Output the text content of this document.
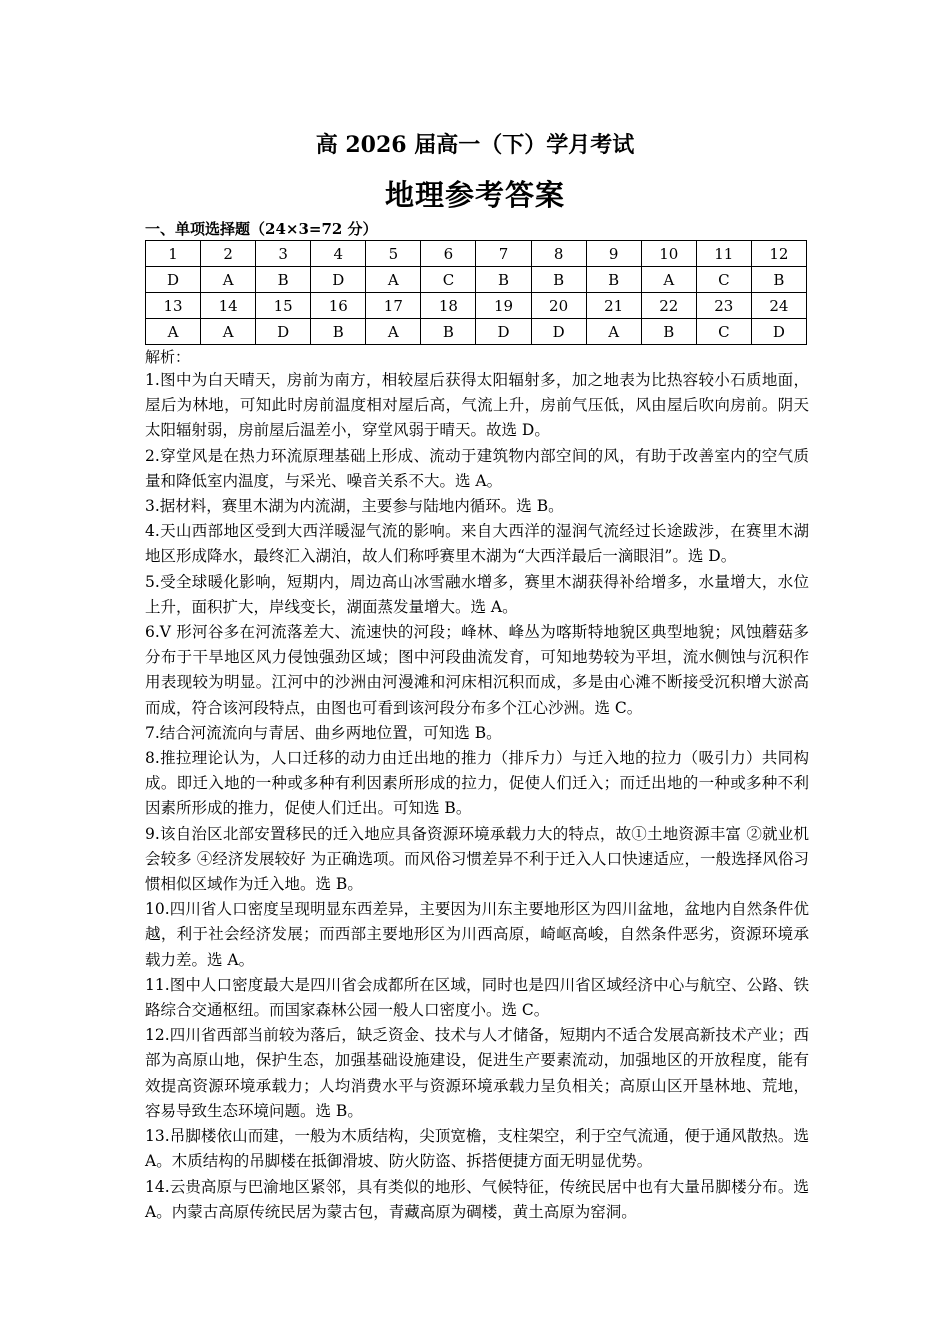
高 2026 届高一（下）学月考试
地理参考答案
一、单项选择题（24×3=72 分）
1	2	3	4	5	6	7	8	9	10	11	12
D	A	B	D	A	C	B	B	B	A	C	B
13	14	15	16	17	18	19	20	21	22	23	24
A	A	D	B	A	B	D	D	A	B	C	D
解析：

1.图中为白天晴天，房前为南方，相较屋后获得太阳辐射多，加之地表为比热容较小石质地面，屋后为林地，可知此时房前温度相对屋后高，气流上升，房前气压低，风由屋后吹向房前。阴天太阳辐射弱，房前屋后温差小，穿堂风弱于晴天。故选 D。

2.穿堂风是在热力环流原理基础上形成、流动于建筑物内部空间的风，有助于改善室内的空气质量和降低室内温度，与采光、噪音关系不大。选 A。

3.据材料，赛里木湖为内流湖，主要参与陆地内循环。选 B。

4.天山西部地区受到大西洋暖湿气流的影响。来自大西洋的湿润气流经过长途跋涉，在赛里木湖地区形成降水，最终汇入湖泊，故人们称呼赛里木湖为“大西洋最后一滴眼泪”。选 D。

5.受全球暖化影响，短期内，周边高山冰雪融水增多，赛里木湖获得补给增多，水量增大，水位上升，面积扩大，岸线变长，湖面蒸发量增大。选 A。

6.V 形河谷多在河流落差大、流速快的河段；峰林、峰丛为喀斯特地貌区典型地貌；风蚀蘑菇多分布于干旱地区风力侵蚀强劲区域；图中河段曲流发育，可知地势较为平坦，流水侧蚀与沉积作用表现较为明显。江河中的沙洲由河漫滩和河床相沉积而成，多是由心滩不断接受沉积增大淤高而成，符合该河段特点，由图也可看到该河段分布多个江心沙洲。选 C。

7.结合河流流向与青居、曲乡两地位置，可知选 B。

8.推拉理论认为，人口迁移的动力由迁出地的推力（排斥力）与迁入地的拉力（吸引力）共同构成。即迁入地的一种或多种有利因素所形成的拉力，促使人们迁入；而迁出地的一种或多种不利因素所形成的推力，促使人们迁出。可知选 B。

9.该自治区北部安置移民的迁入地应具备资源环境承载力大的特点，故①土地资源丰富 ②就业机会较多 ④经济发展较好 为正确选项。而风俗习惯差异不利于迁入人口快速适应，一般选择风俗习惯相似区域作为迁入地。选 B。

10.四川省人口密度呈现明显东西差异，主要因为川东主要地形区为四川盆地，盆地内自然条件优越，利于社会经济发展；而西部主要地形区为川西高原，崎岖高峻，自然条件恶劣，资源环境承载力差。选 A。

11.图中人口密度最大是四川省会成都所在区域，同时也是四川省区域经济中心与航空、公路、铁路综合交通枢纽。而国家森林公园一般人口密度小。选 C。

12.四川省西部当前较为落后，缺乏资金、技术与人才储备，短期内不适合发展高新技术产业；西部为高原山地，保护生态，加强基础设施建设，促进生产要素流动，加强地区的开放程度，能有效提高资源环境承载力；人均消费水平与资源环境承载力呈负相关；高原山区开垦林地、荒地，容易导致生态环境问题。选 B。

13.吊脚楼依山而建，一般为木质结构，尖顶宽檐，支柱架空，利于空气流通，便于通风散热。选 A。木质结构的吊脚楼在抵御滑坡、防火防盗、拆搭便捷方面无明显优势。

14.云贵高原与巴渝地区紧邻，具有类似的地形、气候特征，传统民居中也有大量吊脚楼分布。选 A。内蒙古高原传统民居为蒙古包，青藏高原为碉楼，黄土高原为窑洞。
